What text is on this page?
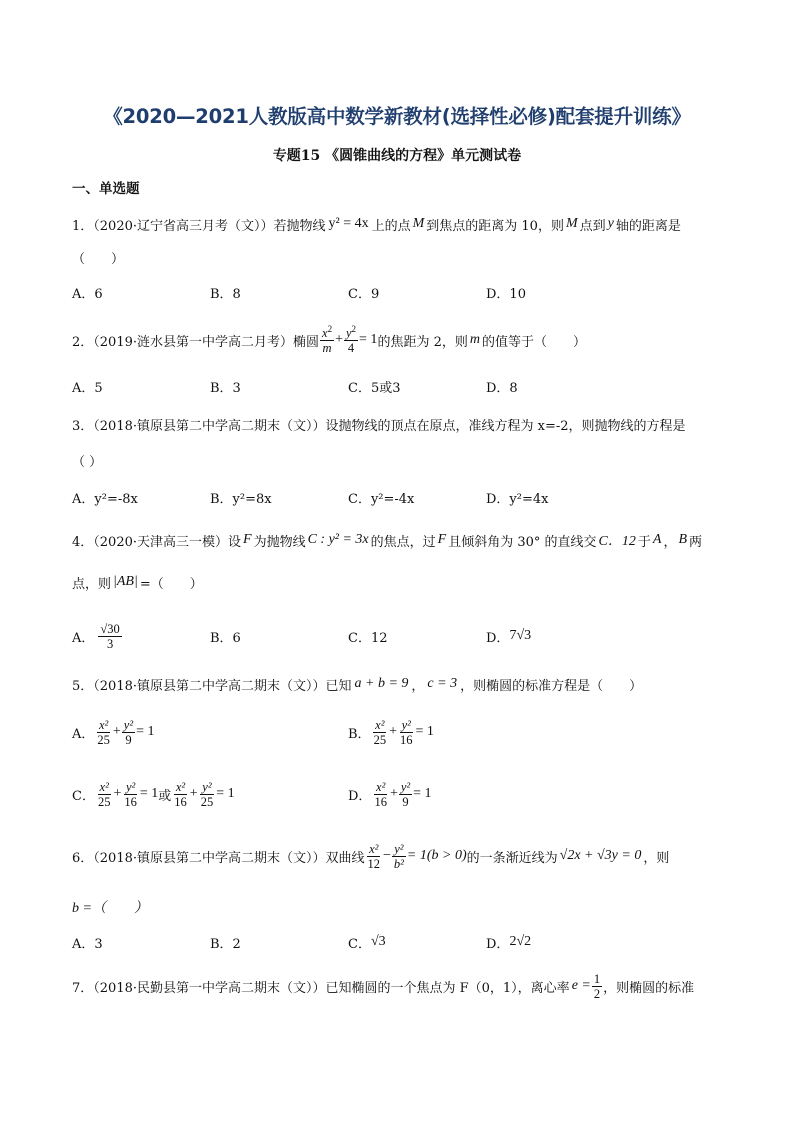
《2020—2021人教版高中数学新教材(选择性必修)配套提升训练》
专题15 《圆锥曲线的方程》单元测试卷
一、单选题
1．（2020·辽宁省高三月考（文））若抛物线 y² = 4x 上的点 M 到焦点的距离为 10，则 M 点到 y 轴的距离是
（　　）
A．6	B．8	C．9	D．10
2．（2019·涟水县第一中学高二月考）椭圆 $\frac{x^2}{m} + \frac{y^2}{4} = 1$ 的焦距为 2，则 m 的值等于（　　）
A．5	B．3	C．5或3	D．8
3．（2018·镇原县第二中学高二期末（文））设抛物线的顶点在原点，准线方程为 x=-2，则抛物线的方程是
（ ）
A．y²=-8x	B．y²=8x	C．y²=-4x	D．y²=4x
4．（2020·天津高三一模）设 F 为抛物线 C : y² = 3x 的焦点，过 F 且倾斜角为 30° 的直线交 C．12 于 A ， B 两
点，则 |AB| =（　　）
A． $\frac{√30}{3}$	B．6	C．12	D． 7√3
5．（2018·镇原县第二中学高二期末（文））已知 a + b = 9 ， c = 3 ，则椭圆的标准方程是（　　）
A． $\frac{\text{x²}}{25} + \frac{\text{y²}}{9} = 1$	B． $\frac{\text{x²}}{25} + \frac{\text{y²}}{16} = 1$
C． $\frac{\text{x²}}{25} + \frac{\text{y²}}{16} = 1$ 或 $\frac{\text{x²}}{16} + \frac{\text{y²}}{25} = 1$	D． $\frac{\text{x²}}{16} + \frac{\text{y²}}{9} = 1$
6．（2018·镇原县第二中学高二期末（文））双曲线 $\frac{\text{x²}}{12} - \frac{\text{y²}}{\text{b²}} = 1(b > 0)$ 的一条渐近线为 √2x + √3y = 0 ，则
b =（　　）
A．3	B．2	C． √3	D． 2√2
7．（2018·民勤县第一中学高二期末（文））已知椭圆的一个焦点为 F（0，1），离心率 $e = \frac{1}{2}$ ，则椭圆的标准
